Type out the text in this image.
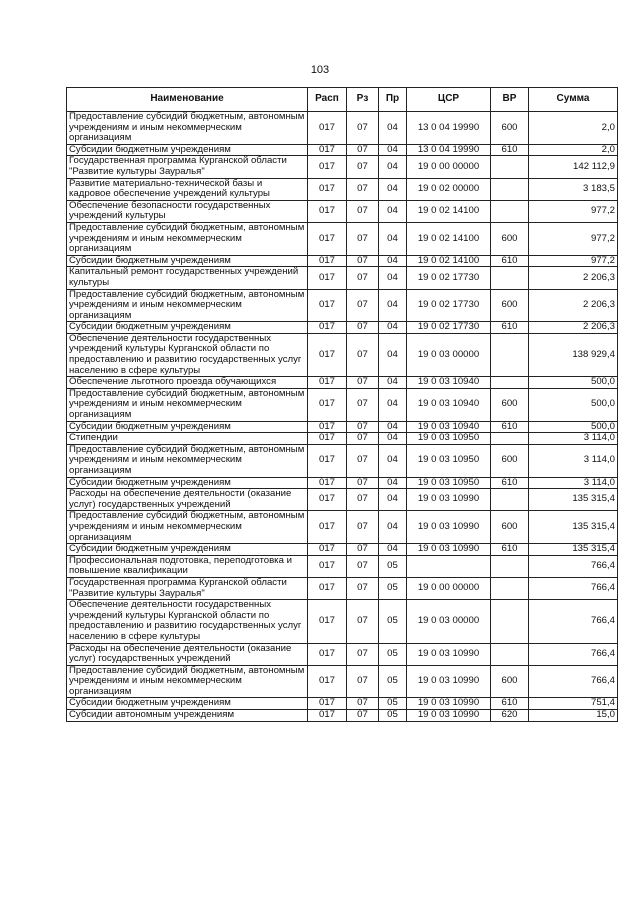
103
Наименование	Расп	Рз	Пр	ЦСР	ВР	Сумма
Предоставление субсидий бюджетным, автономным учреждениям и иным некоммерческим организациям	017	07	04	13 0 04 19990	600	2,0
Субсидии бюджетным учреждениям	017	07	04	13 0 04 19990	610	2,0
Государственная программа Курганской области "Развитие культуры Зауралья"	017	07	04	19 0 00 00000		142 112,9
Развитие материально-технической базы и кадровое обеспечение учреждений культуры	017	07	04	19 0 02 00000		3 183,5
Обеспечение безопасности государственных учреждений культуры	017	07	04	19 0 02 14100		977,2
Предоставление субсидий бюджетным, автономным учреждениям и иным некоммерческим организациям	017	07	04	19 0 02 14100	600	977,2
Субсидии бюджетным учреждениям	017	07	04	19 0 02 14100	610	977,2
Капитальный ремонт государственных учреждений культуры	017	07	04	19 0 02 17730		2 206,3
Предоставление субсидий бюджетным, автономным учреждениям и иным некоммерческим организациям	017	07	04	19 0 02 17730	600	2 206,3
Субсидии бюджетным учреждениям	017	07	04	19 0 02 17730	610	2 206,3
Обеспечение деятельности государственных учреждений культуры Курганской области по предоставлению и развитию государственных услуг населению в сфере культуры	017	07	04	19 0 03 00000		138 929,4
Обеспечение льготного проезда обучающихся	017	07	04	19 0 03 10940		500,0
Предоставление субсидий бюджетным, автономным учреждениям и иным некоммерческим организациям	017	07	04	19 0 03 10940	600	500,0
Субсидии бюджетным учреждениям	017	07	04	19 0 03 10940	610	500,0
Стипендии	017	07	04	19 0 03 10950		3 114,0
Предоставление субсидий бюджетным, автономным учреждениям и иным некоммерческим организациям	017	07	04	19 0 03 10950	600	3 114,0
Субсидии бюджетным учреждениям	017	07	04	19 0 03 10950	610	3 114,0
Расходы на обеспечение деятельности (оказание услуг) государственных учреждений	017	07	04	19 0 03 10990		135 315,4
Предоставление субсидий бюджетным, автономным учреждениям и иным некоммерческим организациям	017	07	04	19 0 03 10990	600	135 315,4
Субсидии бюджетным учреждениям	017	07	04	19 0 03 10990	610	135 315,4
Профессиональная подготовка, переподготовка и повышение квалификации	017	07	05			766,4
Государственная программа Курганской области "Развитие культуры Зауралья"	017	07	05	19 0 00 00000		766,4
Обеспечение деятельности государственных учреждений культуры Курганской области по предоставлению и развитию государственных услуг населению в сфере культуры	017	07	05	19 0 03 00000		766,4
Расходы на обеспечение деятельности (оказание услуг) государственных учреждений	017	07	05	19 0 03 10990		766,4
Предоставление субсидий бюджетным, автономным учреждениям и иным некоммерческим организациям	017	07	05	19 0 03 10990	600	766,4
Субсидии бюджетным учреждениям	017	07	05	19 0 03 10990	610	751,4
Субсидии автономным учреждениям	017	07	05	19 0 03 10990	620	15,0
